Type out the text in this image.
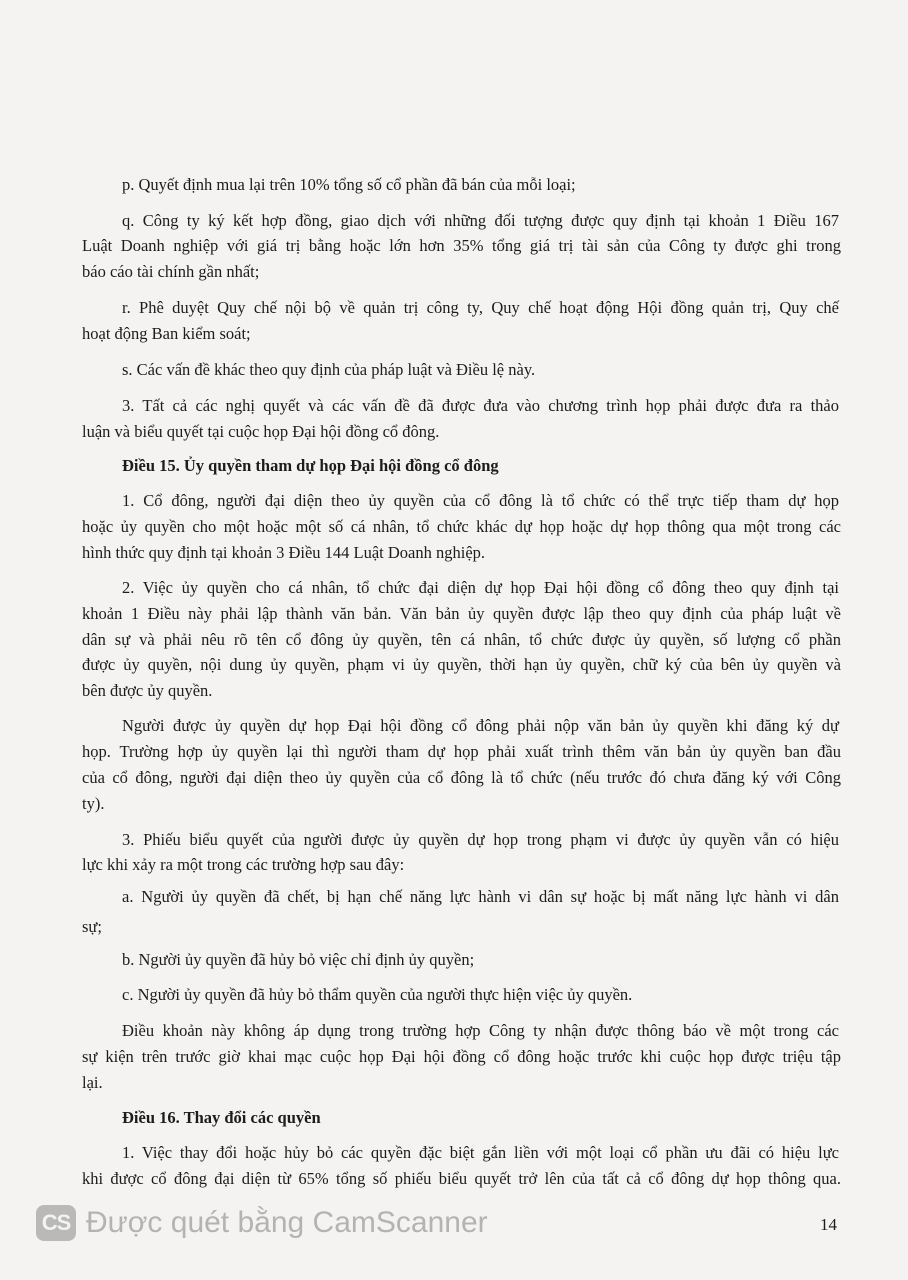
p. Quyết định mua lại trên 10% tổng số cổ phần đã bán của mỗi loại;
q. Công ty ký kết hợp đồng, giao dịch với những đối tượng được quy định tại khoản 1 Điều 167
Luật Doanh nghiệp với giá trị bằng hoặc lớn hơn 35% tổng giá trị tài sản của Công ty được ghi trong
báo cáo tài chính gần nhất;
r. Phê duyệt Quy chế nội bộ về quản trị công ty, Quy chế hoạt động Hội đồng quản trị, Quy chế
hoạt động Ban kiểm soát;
s. Các vấn đề khác theo quy định của pháp luật và Điều lệ này.
3. Tất cả các nghị quyết và các vấn đề đã được đưa vào chương trình họp phải được đưa ra thảo
luận và biểu quyết tại cuộc họp Đại hội đồng cổ đông.
Điều 15. Ủy quyền tham dự họp Đại hội đồng cổ đông
1. Cổ đông, người đại diện theo ủy quyền của cổ đông là tổ chức có thể trực tiếp tham dự họp
hoặc ủy quyền cho một hoặc một số cá nhân, tổ chức khác dự họp hoặc dự họp thông qua một trong các
hình thức quy định tại khoản 3 Điều 144 Luật Doanh nghiệp.
2. Việc ủy quyền cho cá nhân, tổ chức đại diện dự họp Đại hội đồng cổ đông theo quy định tại
khoản 1 Điều này phải lập thành văn bản. Văn bản ủy quyền được lập theo quy định của pháp luật về
dân sự và phải nêu rõ tên cổ đông ủy quyền, tên cá nhân, tổ chức được ủy quyền, số lượng cổ phần
được ủy quyền, nội dung ủy quyền, phạm vi ủy quyền, thời hạn ủy quyền, chữ ký của bên ủy quyền và
bên được ủy quyền.
Người được ủy quyền dự họp Đại hội đồng cổ đông phải nộp văn bản ủy quyền khi đăng ký dự
họp. Trường hợp ủy quyền lại thì người tham dự họp phải xuất trình thêm văn bản ủy quyền ban đầu
của cổ đông, người đại diện theo ủy quyền của cổ đông là tổ chức (nếu trước đó chưa đăng ký với Công
ty).
3. Phiếu biểu quyết của người được ủy quyền dự họp trong phạm vi được ủy quyền vẫn có hiệu
lực khi xảy ra một trong các trường hợp sau đây:
a. Người ủy quyền đã chết, bị hạn chế năng lực hành vi dân sự hoặc bị mất năng lực hành vi dân
sự;
b. Người ủy quyền đã hủy bỏ việc chỉ định ủy quyền;
c. Người ủy quyền đã hủy bỏ thẩm quyền của người thực hiện việc ủy quyền.
Điều khoản này không áp dụng trong trường hợp Công ty nhận được thông báo về một trong các
sự kiện trên trước giờ khai mạc cuộc họp Đại hội đồng cổ đông hoặc trước khi cuộc họp được triệu tập
lại.
Điều 16. Thay đổi các quyền
1. Việc thay đổi hoặc hủy bỏ các quyền đặc biệt gắn liền với một loại cổ phần ưu đãi có hiệu lực
khi được cổ đông đại diện từ 65% tổng số phiếu biểu quyết trở lên của tất cả cổ đông dự họp thông qua.
CS Được quét bằng CamScanner	14
